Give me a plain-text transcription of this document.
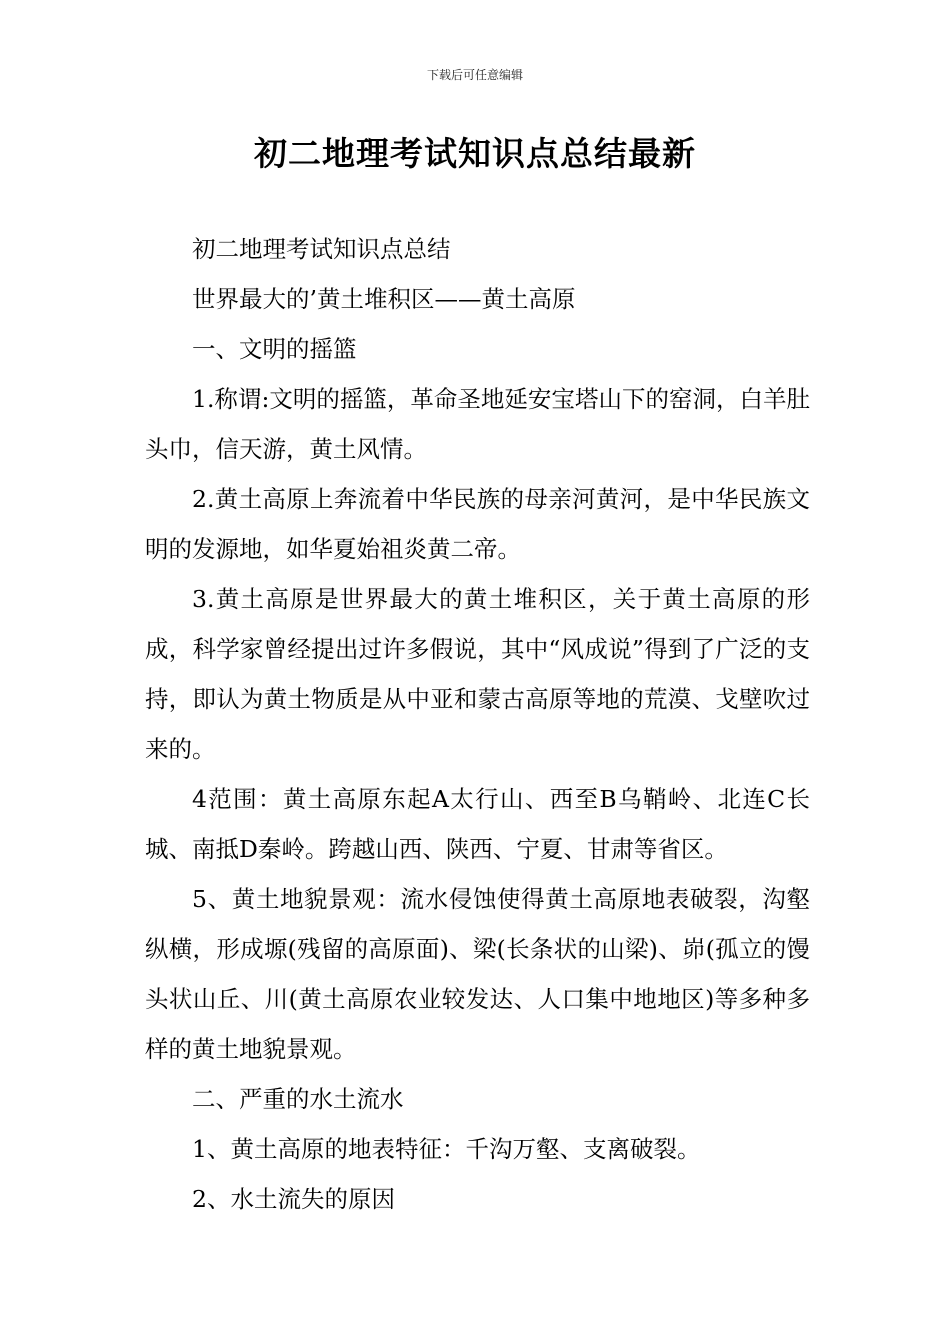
下载后可任意编辑
初二地理考试知识点总结最新

初二地理考试知识点总结

世界最大的’黄土堆积区——黄土高原

一、文明的摇篮

1.称谓:文明的摇篮，革命圣地延安宝塔山下的窑洞，白羊肚头巾，信天游，黄土风情。

2.黄土高原上奔流着中华民族的母亲河黄河，是中华民族文明的发源地，如华夏始祖炎黄二帝。

3.黄土高原是世界最大的黄土堆积区，关于黄土高原的形成，科学家曾经提出过许多假说，其中“风成说”得到了广泛的支持，即认为黄土物质是从中亚和蒙古高原等地的荒漠、戈壁吹过来的。

4范围：黄土高原东起A太行山、西至B乌鞘岭、北连C长城、南抵D秦岭。跨越山西、陕西、宁夏、甘肃等省区。

5、黄土地貌景观：流水侵蚀使得黄土高原地表破裂，沟壑纵横，形成塬(残留的高原面)、梁(长条状的山梁)、峁(孤立的馒头状山丘、川(黄土高原农业较发达、人口集中地地区)等多种多样的黄土地貌景观。

二、严重的水土流水

1、黄土高原的地表特征：千沟万壑、支离破裂。

2、水土流失的原因
